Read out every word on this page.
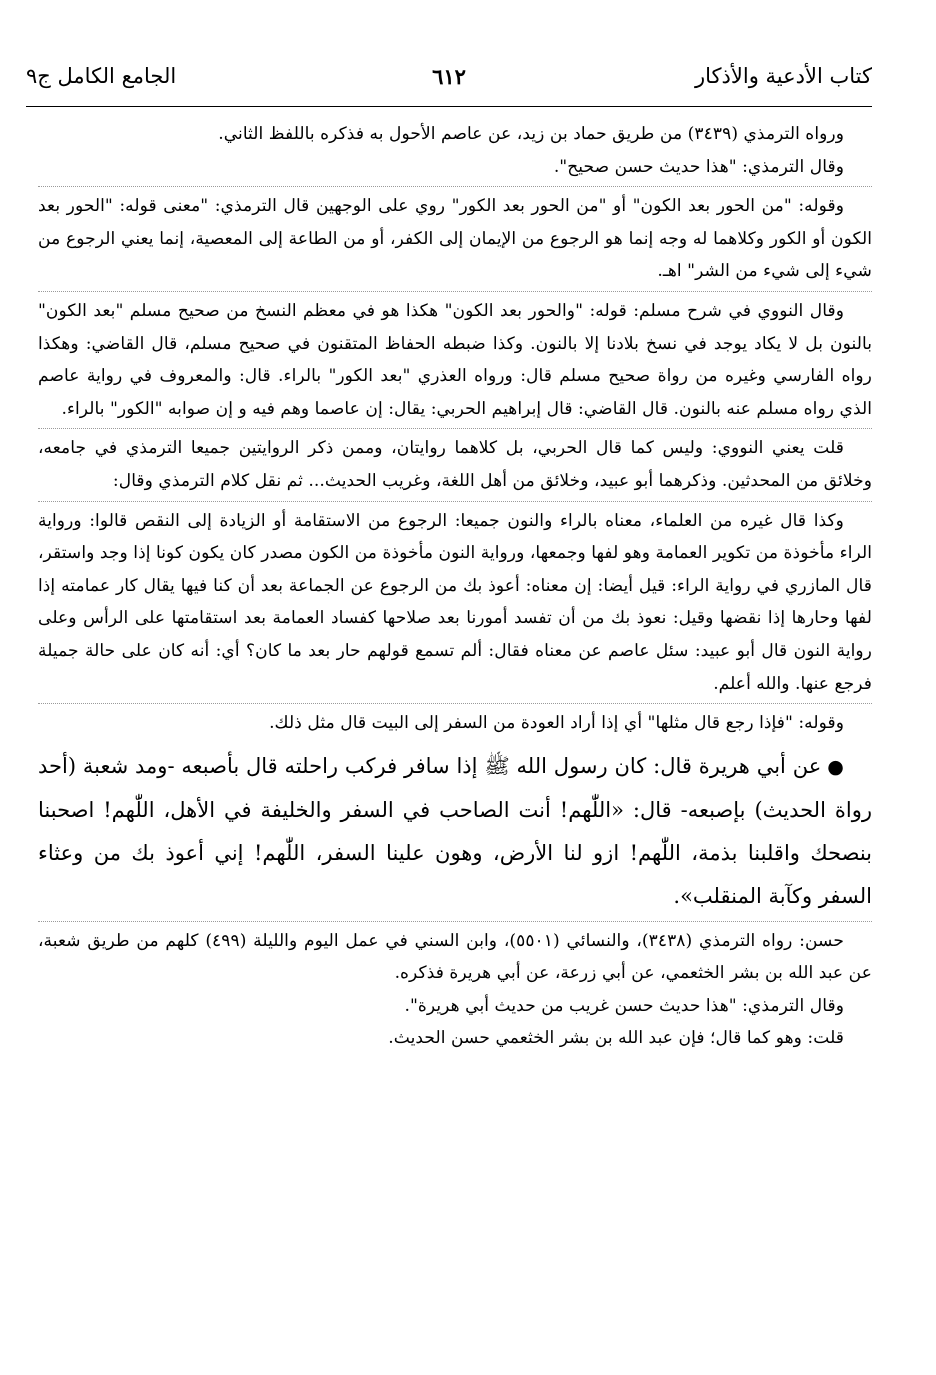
كتاب الأدعية والأذكار
٦١٢
الجامع الكامل ج٩

ورواه الترمذي (٣٤٣٩) من طريق حماد بن زيد، عن عاصم الأحول به فذكره باللفظ الثاني.

وقال الترمذي: "هذا حديث حسن صحيح".

وقوله: "من الحور بعد الكون" أو "من الحور بعد الكور" روي على الوجهين قال الترمذي: "معنى قوله: "الحور بعد الكون أو الكور وكلاهما له وجه إنما هو الرجوع من الإيمان إلى الكفر، أو من الطاعة إلى المعصية، إنما يعني الرجوع من شيء إلى شيء من الشر" اهـ.

وقال النووي في شرح مسلم: قوله: "والحور بعد الكون" هكذا هو في معظم النسخ من صحيح مسلم "بعد الكون" بالنون بل لا يكاد يوجد في نسخ بلادنا إلا بالنون. وكذا ضبطه الحفاظ المتقنون في صحيح مسلم، قال القاضي: وهكذا رواه الفارسي وغيره من رواة صحيح مسلم قال: ورواه العذري "بعد الكور" بالراء. قال: والمعروف في رواية عاصم الذي رواه مسلم عنه بالنون. قال القاضي: قال إبراهيم الحربي: يقال: إن عاصما وهم فيه و إن صوابه "الكور" بالراء.

قلت يعني النووي: وليس كما قال الحربي، بل كلاهما روايتان، وممن ذكر الروايتين جميعا الترمذي في جامعه، وخلائق من المحدثين. وذكرهما أبو عبيد، وخلائق من أهل اللغة، وغريب الحديث... ثم نقل كلام الترمذي وقال:

وكذا قال غيره من العلماء، معناه بالراء والنون جميعا: الرجوع من الاستقامة أو الزيادة إلى النقص قالوا: ورواية الراء مأخوذة من تكوير العمامة وهو لفها وجمعها، ورواية النون مأخوذة من الكون مصدر كان يكون كونا إذا وجد واستقر، قال المازري في رواية الراء: قيل أيضا: إن معناه: أعوذ بك من الرجوع عن الجماعة بعد أن كنا فيها يقال كار عمامته إذا لفها وحارها إذا نقضها وقيل: نعوذ بك من أن تفسد أمورنا بعد صلاحها كفساد العمامة بعد استقامتها على الرأس وعلى رواية النون قال أبو عبيد: سئل عاصم عن معناه فقال: ألم تسمع قولهم حار بعد ما كان؟ أي: أنه كان على حالة جميلة فرجع عنها. والله أعلم.

وقوله: "فإذا رجع قال مثلها" أي إذا أراد العودة من السفر إلى البيت قال مثل ذلك.

●عن أبي هريرة قال: كان رسول الله ﷺ إذا سافر فركب راحلته قال بأصبعه -ومد شعبة (أحد رواة الحديث) بإصبعه- قال: «اللّٰهم! أنت الصاحب في السفر والخليفة في الأهل، اللّٰهم! اصحبنا بنصحك واقلبنا بذمة، اللّٰهم! ازو لنا الأرض، وهون علينا السفر، اللّٰهم! إني أعوذ بك من وعثاء السفر وكآبة المنقلب».

حسن: رواه الترمذي (٣٤٣٨)، والنسائي (٥٥٠١)، وابن السني في عمل اليوم والليلة (٤٩٩) كلهم من طريق شعبة، عن عبد الله بن بشر الخثعمي، عن أبي زرعة، عن أبي هريرة فذكره.

وقال الترمذي: "هذا حديث حسن غريب من حديث أبي هريرة".

قلت: وهو كما قال؛ فإن عبد الله بن بشر الخثعمي حسن الحديث.
